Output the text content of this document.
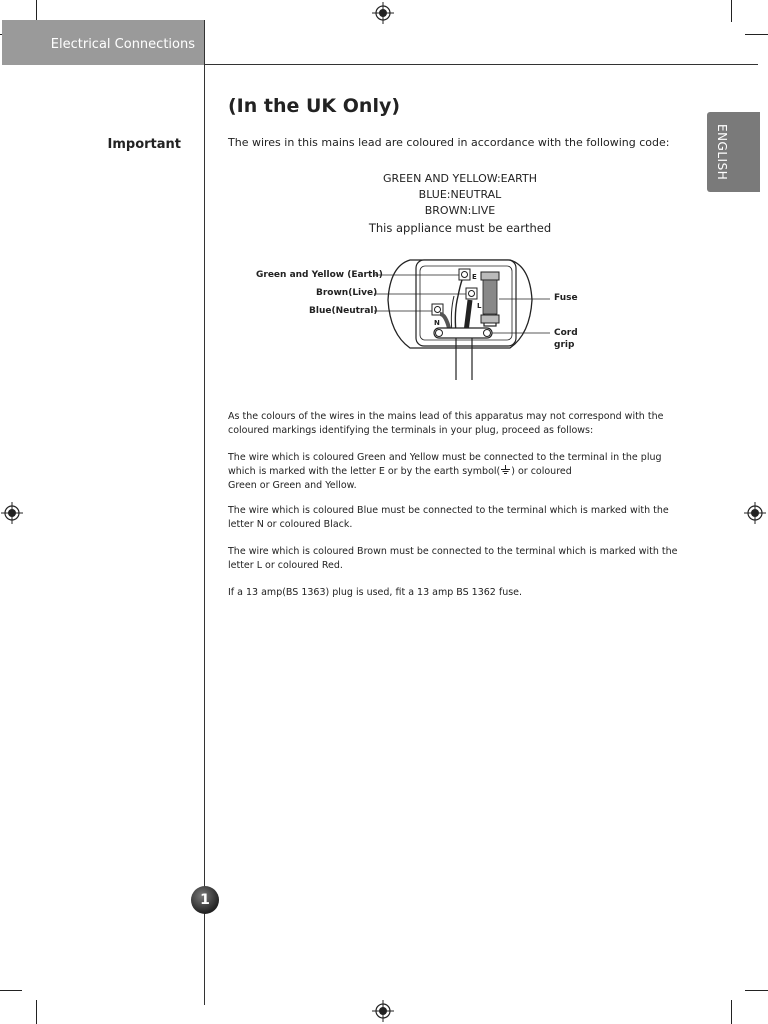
Electrical Connections
ENGLISH
(In the UK Only)
Important	The wires in this mains lead are coloured in accordance with the following code:
GREEN AND YELLOW:EARTH
BLUE:NEUTRAL
BROWN:LIVE
This appliance must be earthed
E
L
N
Green and Yellow (Earth)
Brown(Live)
Blue(Neutral)
Fuse
Cord
grip

As the colours of the wires in the mains lead of this apparatus may not correspond with the

coloured markings identifying the terminals in your plug, proceed as follows:

The wire which is coloured Green and Yellow must be connected to the terminal in the plug

which is marked with the letter E or by the earth symbol( ) or coloured

Green or Green and Yellow.

The wire which is coloured Blue must be connected to the terminal which is marked with the

letter N or coloured Black.

The wire which is coloured Brown must be connected to the terminal which is marked with the

letter L or coloured Red.

If a 13 amp(BS 1363) plug is used, fit a 13 amp BS 1362 fuse.

1
